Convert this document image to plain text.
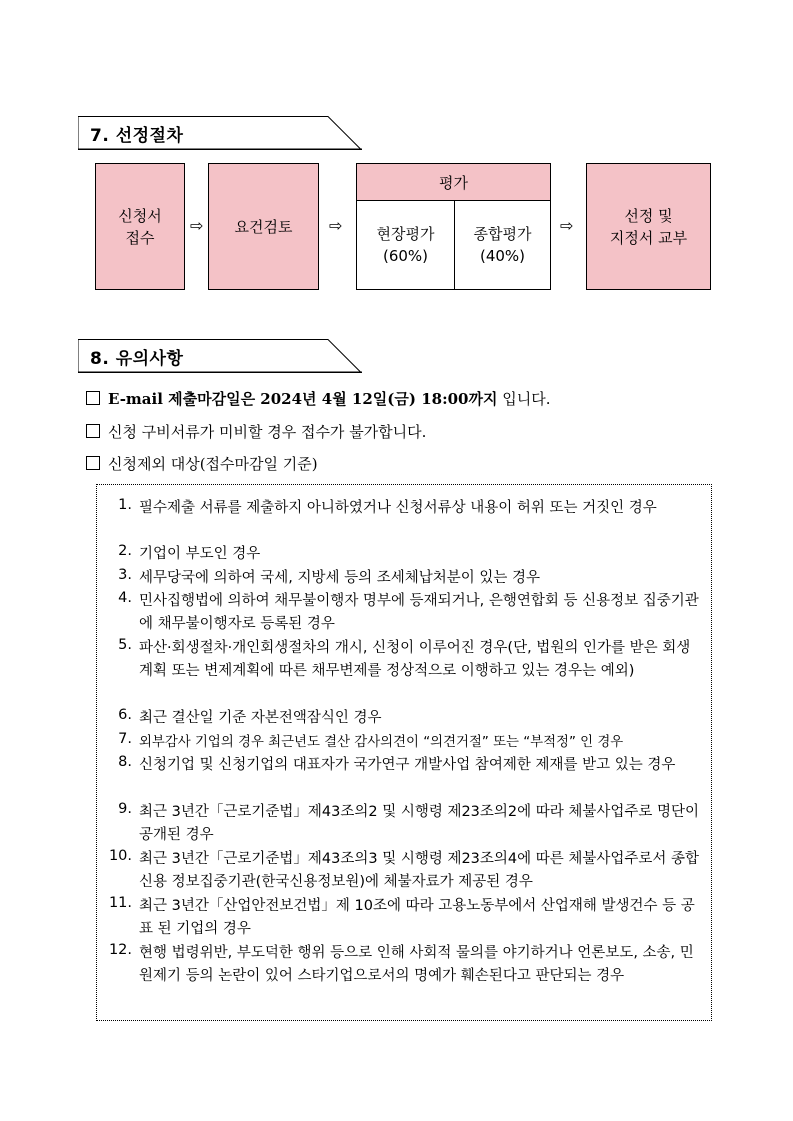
7. 선정절차
신청서
접수
⇨ 요건검토 ⇨
평가
현장평가
(60%)
종합평가
(40%)
⇨
선정 및
지정서 교부
8. 유의사항
E-mail 제출마감일은 2024년 4월 12일(금) 18:00까지 입니다.
신청 구비서류가 미비할 경우 접수가 불가합니다.
신청제외 대상(접수마감일 기준)
1. 필수제출 서류를 제출하지 아니하였거나 신청서류상 내용이 허위 또는 거짓인 경우
2. 기업이 부도인 경우
3. 세무당국에 의하여 국세, 지방세 등의 조세체납처분이 있는 경우
4. 민사집행법에 의하여 채무불이행자 명부에 등재되거나, 은행연합회 등 신용정보 집중기관에 채무불이행자로 등록된 경우
5. 파산·회생절차·개인회생절차의 개시, 신청이 이루어진 경우(단, 법원의 인가를 받은 회생 계획 또는 변제계획에 따른 채무변제를 정상적으로 이행하고 있는 경우는 예외)
6. 최근 결산일 기준 자본전액잠식인 경우
7. 외부감사 기업의 경우 최근년도 결산 감사의견이 “의견거절” 또는 “부적정” 인 경우
8. 신청기업 및 신청기업의 대표자가 국가연구 개발사업 참여제한 제재를 받고 있는 경우
9. 최근 3년간「근로기준법」제43조의2 및 시행령 제23조의2에 따라 체불사업주로 명단이 공개된 경우
10. 최근 3년간「근로기준법」제43조의3 및 시행령 제23조의4에 따른 체불사업주로서 종합신용 정보집중기관(한국신용정보원)에 체불자료가 제공된 경우
11. 최근 3년간「산업안전보건법」제 10조에 따라 고용노동부에서 산업재해 발생건수 등 공표 된 기업의 경우
12. 현행 법령위반, 부도덕한 행위 등으로 인해 사회적 물의를 야기하거나 언론보도, 소송, 민원제기 등의 논란이 있어 스타기업으로서의 명예가 훼손된다고 판단되는 경우
